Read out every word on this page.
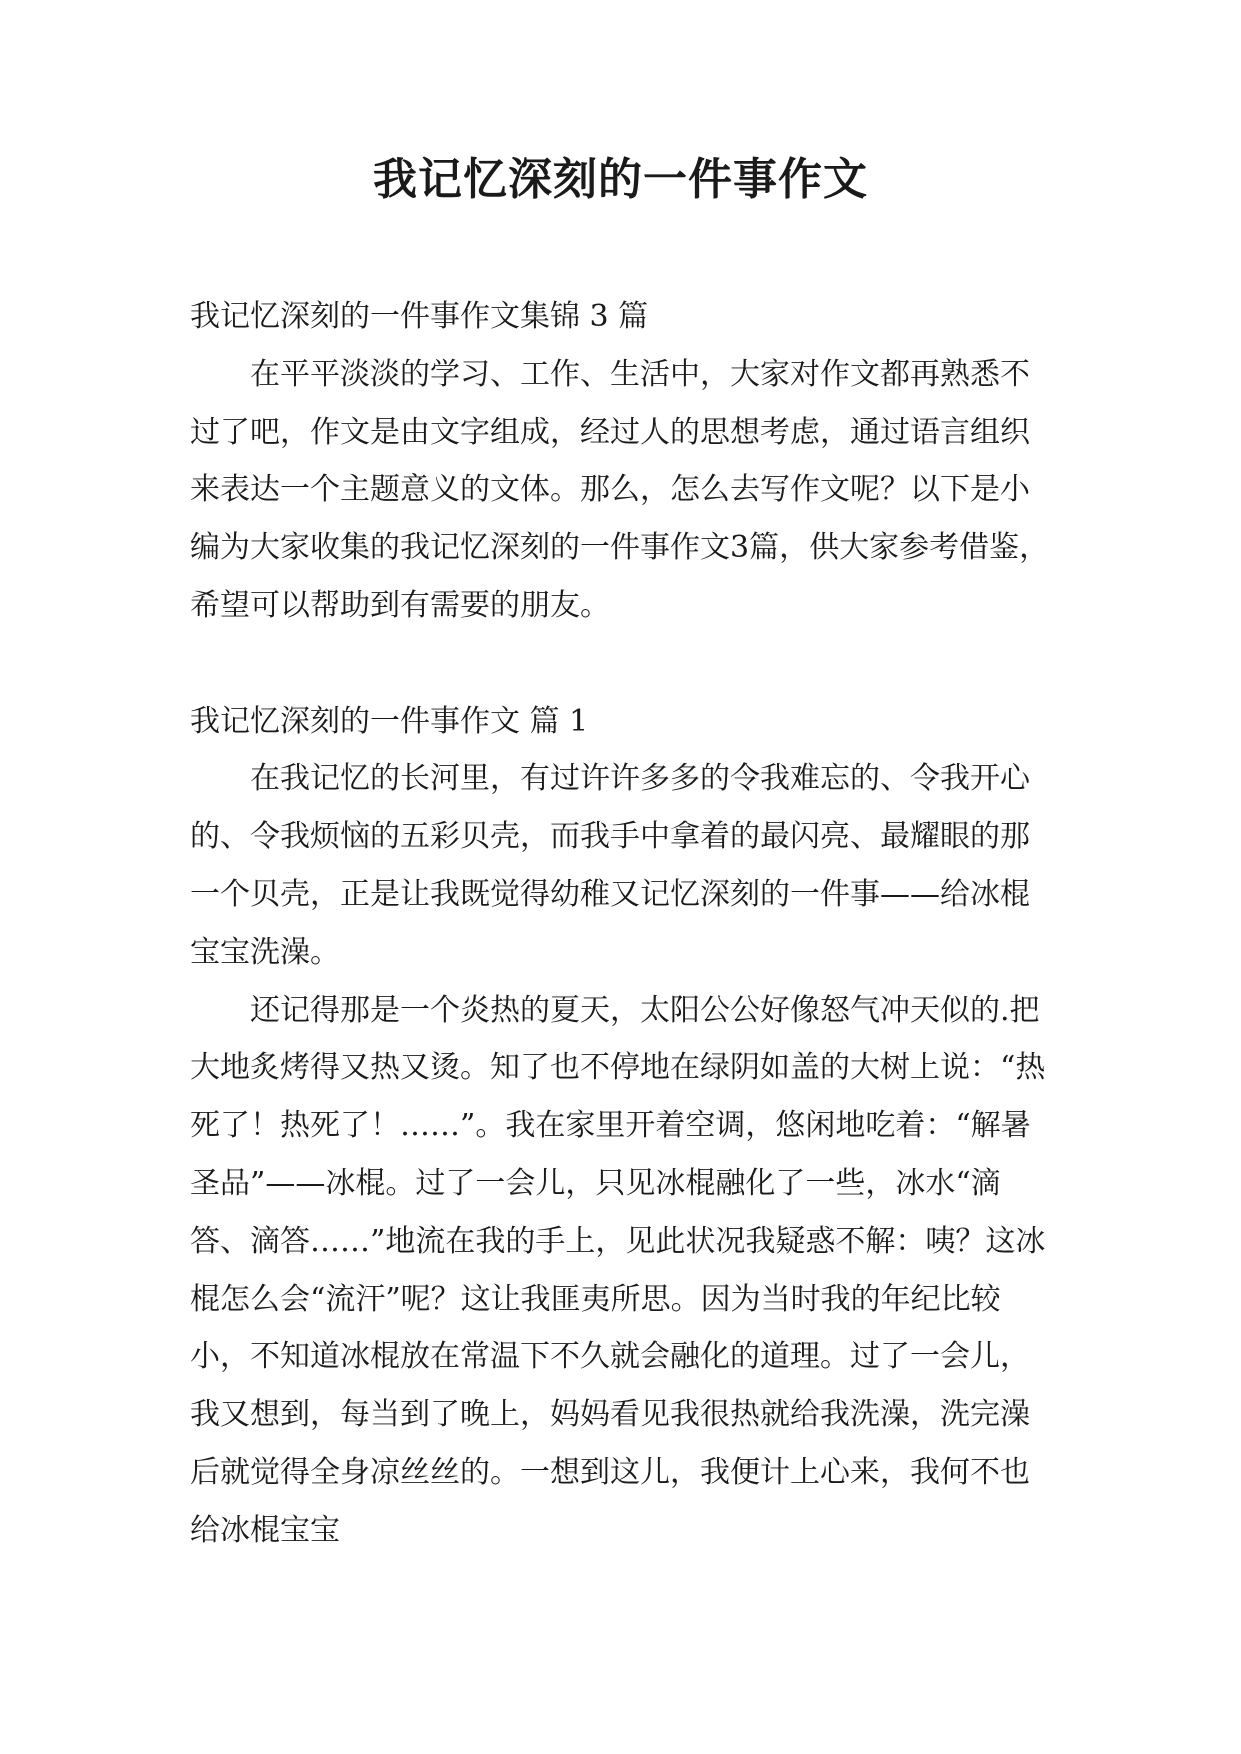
我记忆深刻的一件事作文

我记忆深刻的一件事作文集锦 3 篇

在平平淡淡的学习、工作、生活中，大家对作文都再熟悉不过了吧，作文是由文字组成，经过人的思想考虑，通过语言组织来表达一个主题意义的文体。那么，怎么去写作文呢？以下是小编为大家收集的我记忆深刻的一件事作文3篇，供大家参考借鉴，希望可以帮助到有需要的朋友。

我记忆深刻的一件事作文 篇 1

在我记忆的长河里，有过许许多多的令我难忘的、令我开心的、令我烦恼的五彩贝壳，而我手中拿着的最闪亮、最耀眼的那一个贝壳，正是让我既觉得幼稚又记忆深刻的一件事——给冰棍宝宝洗澡。

还记得那是一个炎热的夏天，太阳公公好像怒气冲天似的.把大地炙烤得又热又烫。知了也不停地在绿阴如盖的大树上说：“热死了！热死了！……”。我在家里开着空调，悠闲地吃着：“解暑圣品”——冰棍。过了一会儿，只见冰棍融化了一些，冰水“滴答、滴答……”地流在我的手上，见此状况我疑惑不解：咦？这冰棍怎么会“流汗”呢？这让我匪夷所思。因为当时我的年纪比较小，不知道冰棍放在常温下不久就会融化的道理。过了一会儿，我又想到，每当到了晚上，妈妈看见我很热就给我洗澡，洗完澡后就觉得全身凉丝丝的。一想到这儿，我便计上心来，我何不也给冰棍宝宝
